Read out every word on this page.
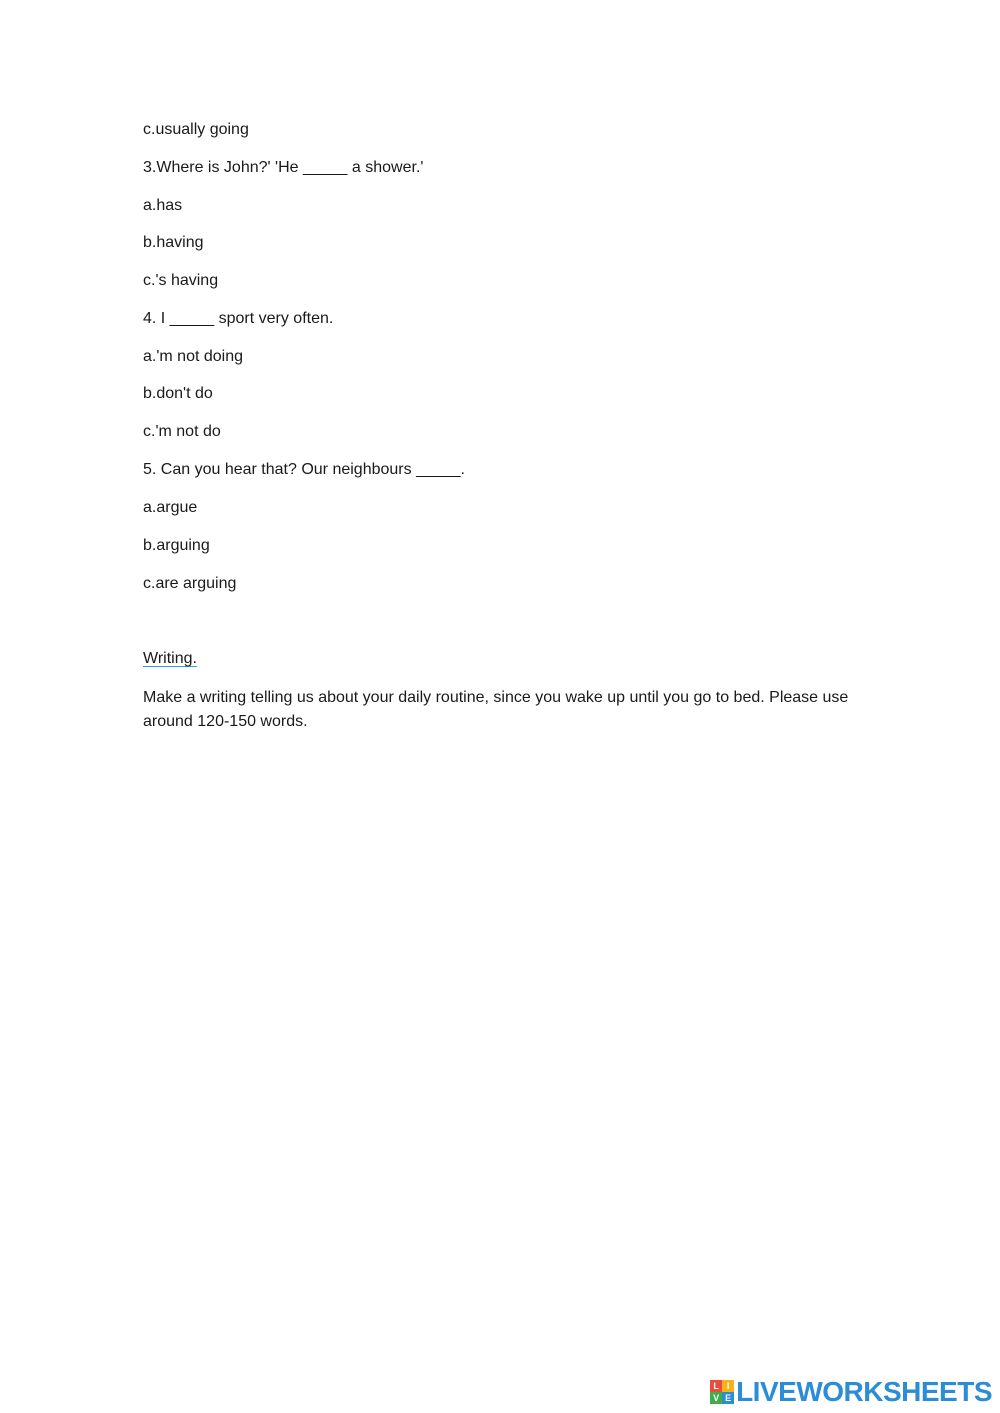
c.usually going
3.Where is John?' 'He _____ a shower.'
a.has
b.having
c.'s having
4. I _____ sport very often.
a.'m not doing
b.don't do
c.'m not do
5. Can you hear that? Our neighbours _____.
a.argue
b.arguing
c.are arguing
Writing.
Make a writing telling us about your daily routine, since you wake up until you go to bed. Please use around 120-150 words.
L I
V E LIVEWORKSHEETS
